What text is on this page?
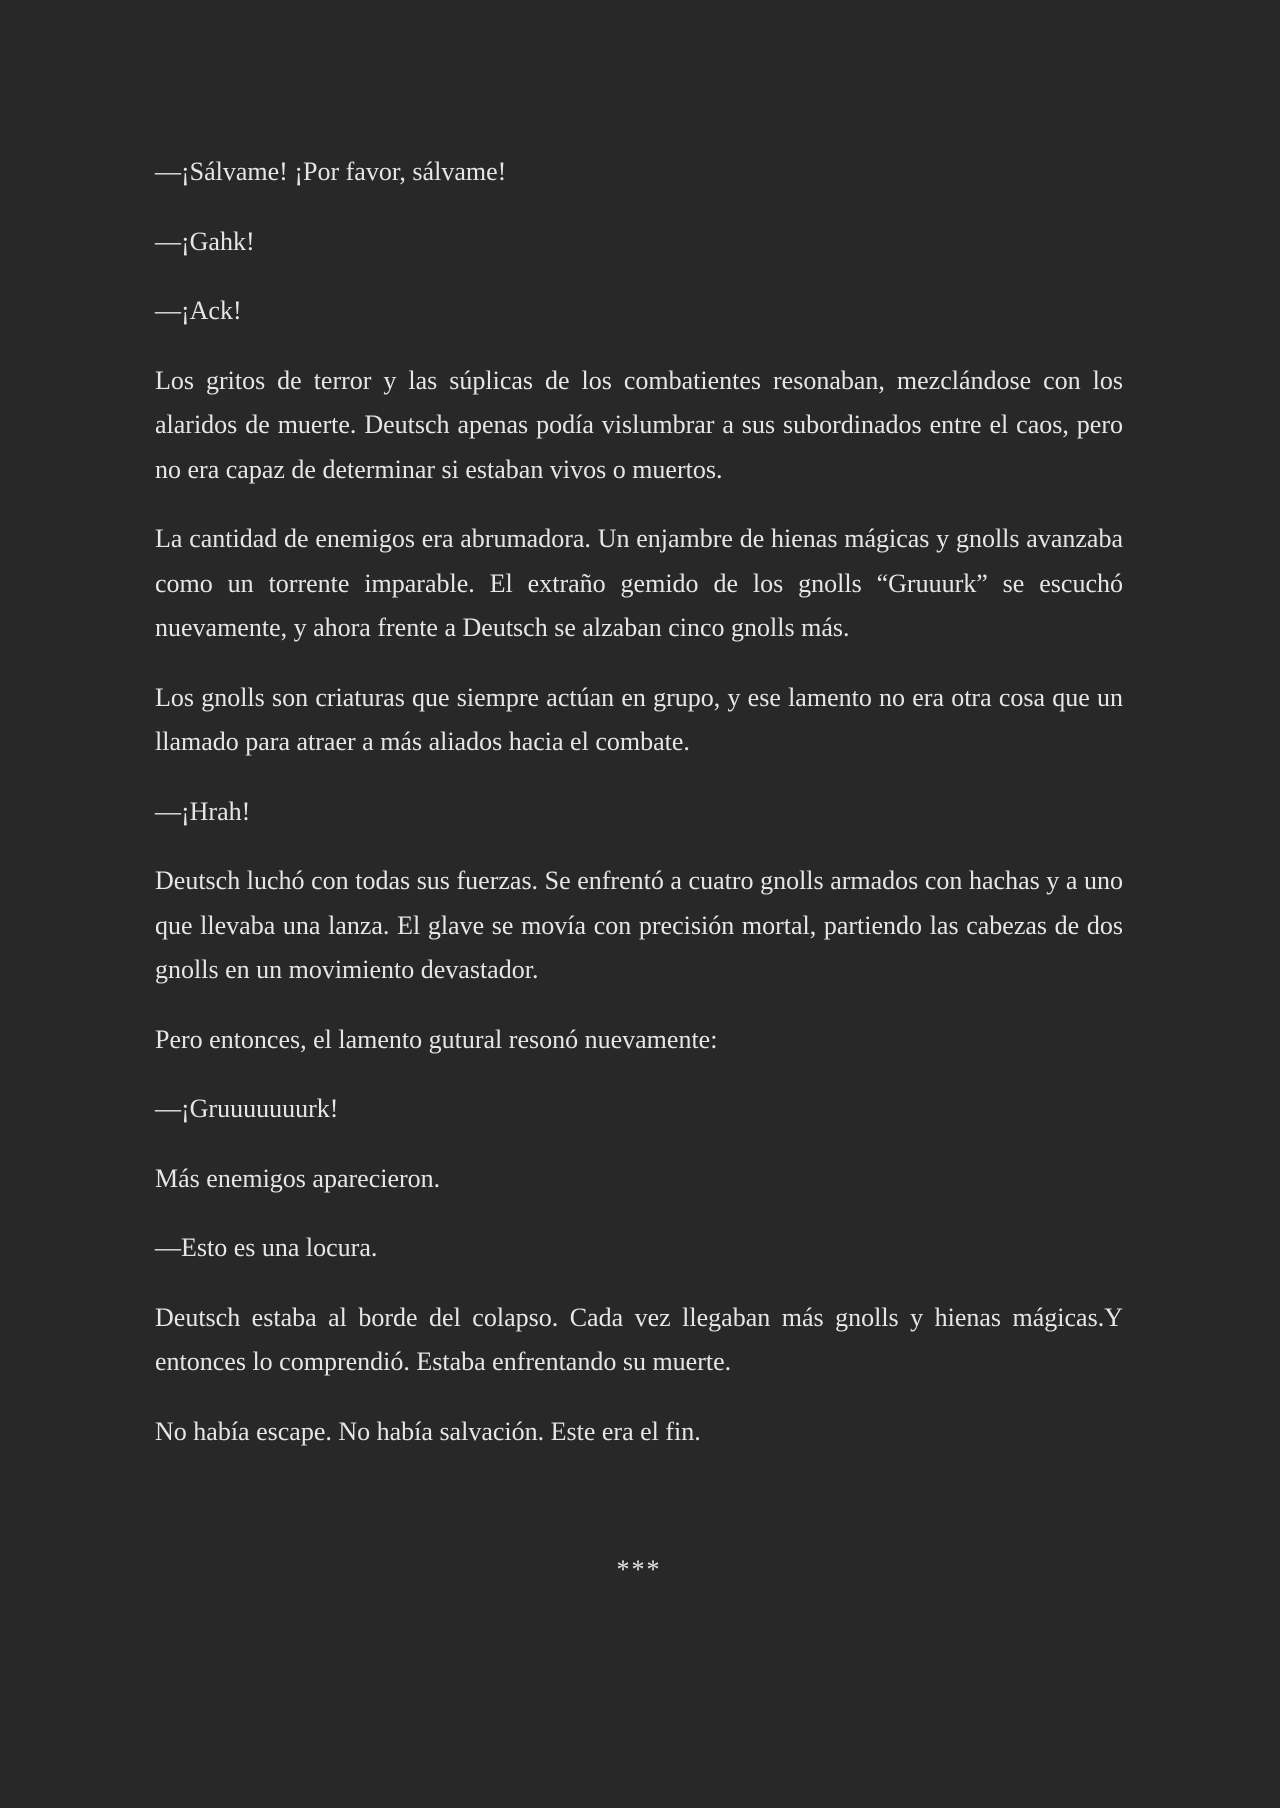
—¡Sálvame! ¡Por favor, sálvame!

—¡Gahk!

—¡Ack!

Los gritos de terror y las súplicas de los combatientes resonaban, mezclándose con los alaridos de muerte. Deutsch apenas podía vislumbrar a sus subordinados entre el caos, pero no era capaz de determinar si estaban vivos o muertos.

La cantidad de enemigos era abrumadora. Un enjambre de hienas mágicas y gnolls avanzaba como un torrente imparable. El extraño gemido de los gnolls “Gruuurk” se escuchó nuevamente, y ahora frente a Deutsch se alzaban cinco gnolls más.

Los gnolls son criaturas que siempre actúan en grupo, y ese lamento no era otra cosa que un llamado para atraer a más aliados hacia el combate.

—¡Hrah!

Deutsch luchó con todas sus fuerzas. Se enfrentó a cuatro gnolls armados con hachas y a uno que llevaba una lanza. El glave se movía con precisión mortal, partiendo las cabezas de dos gnolls en un movimiento devastador.

Pero entonces, el lamento gutural resonó nuevamente:

—¡Gruuuuuuurk!

Más enemigos aparecieron.

—Esto es una locura.

Deutsch estaba al borde del colapso. Cada vez llegaban más gnolls y hienas mágicas.Y entonces lo comprendió. Estaba enfrentando su muerte.

No había escape. No había salvación. Este era el fin.

***
